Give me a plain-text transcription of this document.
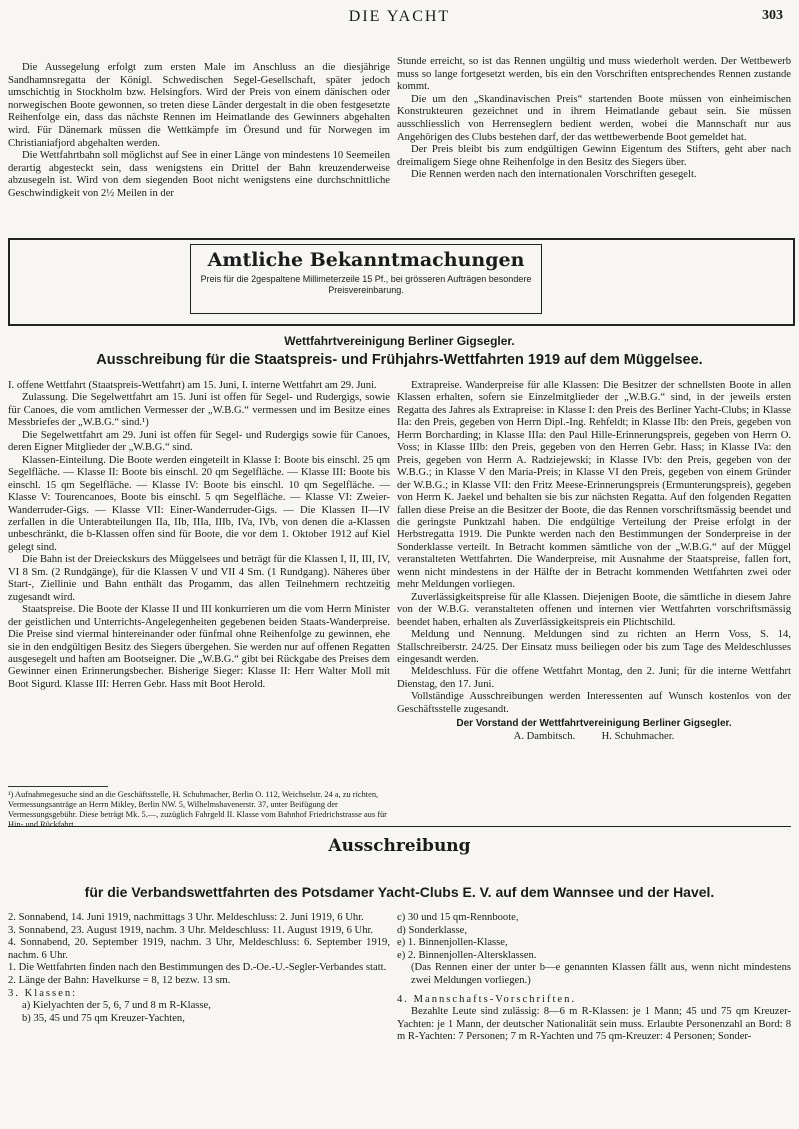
DIE YACHT	303

Die Aussegelung erfolgt zum ersten Male im Anschluss an die diesjährige Sandhamnsregatta der Königl. Schwedischen Segel-Gesellschaft, später jedoch umschichtig in Stockholm bzw. Helsingfors. Wird der Preis von einem dänischen oder norwegischen Boote gewonnen, so treten diese Länder dergestalt in die oben festgesetzte Reihenfolge ein, dass das nächste Rennen im Heimatlande des Gewinners abgehalten wird. Für Dänemark müssen die Wettkämpfe im Öresund und für Norwegen im Christianiafjord abgehalten werden.

Die Wettfahrtbahn soll möglichst auf See in einer Länge von mindestens 10 Seemeilen derartig abgesteckt sein, dass wenigstens ein Drittel der Bahn kreuzenderweise abzusegeln ist. Wird von dem siegenden Boot nicht wenigstens eine durchschnittliche Geschwindigkeit von 2½ Meilen in der

Stunde erreicht, so ist das Rennen ungültig und muss wiederholt werden. Der Wettbewerb muss so lange fortgesetzt werden, bis ein den Vorschriften entsprechendes Rennen zustande kommt.

Die um den „Skandinavischen Preis“ startenden Boote müssen von einheimischen Konstrukteuren gezeichnet und in ihrem Heimatlande gebaut sein. Sie müssen ausschliesslich von Herrenseglern bedient werden, wobei die Mannschaft nur aus Angehörigen des Clubs bestehen darf, der das wettbewerbende Boot gemeldet hat.

Der Preis bleibt bis zum endgültigen Gewinn Eigentum des Stifters, geht aber nach dreimaligem Siege ohne Reihenfolge in den Besitz des Siegers über.

Die Rennen werden nach den internationalen Vorschriften gesegelt.

Amtliche Bekanntmachungen
Preis für die 2gespaltene Millimeterzeile 15 Pf., bei grösseren Aufträgen besondere Preisvereinbarung.
Wettfahrtvereinigung Berliner Gigsegler.
Ausschreibung für die Staatspreis- und Frühjahrs-Wettfahrten 1919 auf dem Müggelsee.

I. offene Wettfahrt (Staatspreis-Wettfahrt) am 15. Juni, I. interne Wettfahrt am 29. Juni.

Zulassung. Die Segelwettfahrt am 15. Juni ist offen für Segel- und Rudergigs, sowie für Canoes, die vom amtlichen Vermesser der „W.B.G.“ vermessen und im Besitze eines Messbriefes der „W.B.G.“ sind.¹)

Die Segelwettfahrt am 29. Juni ist offen für Segel- und Rudergigs sowie für Canoes, deren Eigner Mitglieder der „W.B.G.“ sind.

Klassen-Einteilung. Die Boote werden eingeteilt in Klasse I: Boote bis einschl. 25 qm Segelfläche. — Klasse II: Boote bis einschl. 20 qm Segelfläche. — Klasse III: Boote bis einschl. 15 qm Segelfläche. — Klasse IV: Boote bis einschl. 10 qm Segelfläche. — Klasse V: Tourencanoes, Boote bis einschl. 5 qm Segelfläche. — Klasse VI: Zweier-Wanderruder-Gigs. — Klasse VII: Einer-Wanderruder-Gigs. — Die Klassen II—IV zerfallen in die Unterabteilungen IIa, IIb, IIIa, IIIb, IVa, IVb, von denen die a-Klassen unbeschränkt, die b-Klassen offen sind für Boote, die vor dem 1. Oktober 1912 auf Kiel gelegt sind.

Die Bahn ist der Dreieckskurs des Müggelsees und beträgt für die Klassen I, II, III, IV, VI 8 Sm. (2 Rundgänge), für die Klassen V und VII 4 Sm. (1 Rundgang). Näheres über Start-, Ziellinie und Bahn enthält das Progamm, das allen Teilnehmern rechtzeitig zugesandt wird.

Staatspreise. Die Boote der Klasse II und III konkurrieren um die vom Herrn Minister der geistlichen und Unterrichts-Angelegenheiten gegebenen beiden Staats-Wanderpreise. Die Preise sind viermal hintereinander oder fünfmal ohne Reihenfolge zu gewinnen, ehe sie in den endgültigen Besitz des Siegers übergehen. Sie werden nur auf offenen Regatten ausgesegelt und haften am Bootseigner. Die „W.B.G.“ gibt bei Rückgabe des Preises dem Gewinner einen Erinnerungsbecher. Bisherige Sieger: Klasse II: Herr Walter Moll mit Boot Sigurd. Klasse III: Herren Gebr. Hass mit Boot Herold.

¹) Aufnahmegesuche sind an die Geschäftsstelle, H. Schuhmacher, Berlin O. 112, Weichselstr. 24 a, zu richten, Vermessungsanträge an Herrn Mikley, Berlin NW. 5, Wilhelmshavenerstr. 37, unter Beifügung der Vermessungsgebühr. Diese beträgt Mk. 5.—, zuzüglich Fahrgeld II. Klasse vom Bahnhof Friedrichstrasse aus für Hin- und Rückfahrt.

Extrapreise. Wanderpreise für alle Klassen: Die Besitzer der schnellsten Boote in allen Klassen erhalten, sofern sie Einzelmitglieder der „W.B.G.“ sind, in der jeweils ersten Regatta des Jahres als Extrapreise: in Klasse I: den Preis des Berliner Yacht-Clubs; in Klasse IIa: den Preis, gegeben von Herrn Dipl.-Ing. Rehfeldt; in Klasse IIb: den Preis, gegeben von Herrn Borcharding; in Klasse IIIa: den Paul Hille-Erinnerungspreis, gegeben von Herrn O. Voss; in Klasse IIIb: den Preis, gegeben von den Herren Gebr. Hass; in Klasse IVa: den Preis, gegeben von Herrn A. Radziejewski; in Klasse IVb: den Preis, gegeben von der W.B.G.; in Klasse V den Maria-Preis; in Klasse VI den Preis, gegeben von einem Gründer der W.B.G.; in Klasse VII: den Fritz Meese-Erinnerungspreis (Ermunterungspreis), gegeben von Herrn K. Jaekel und behalten sie bis zur nächsten Regatta. Auf den folgenden Regatten fallen diese Preise an die Besitzer der Boote, die das Rennen vorschriftsmässig beendet und die geringste Punktzahl haben. Die endgültige Verteilung der Preise erfolgt in der Herbstregatta 1919. Die Punkte werden nach den Bestimmungen der Sonderpreise in der Sonderklasse verteilt. In Betracht kommen sämtliche von der „W.B.G.“ auf der Müggel veranstalteten Wettfahrten. Die Wanderpreise, mit Ausnahme der Staatspreise, fallen fort, wenn nicht mindestens in der Hälfte der in Betracht kommenden Wettfahrten zwei oder mehr Meldungen vorliegen.

Zuverlässigkeitspreise für alle Klassen. Diejenigen Boote, die sämtliche in diesem Jahre von der W.B.G. veranstalteten offenen und internen vier Wettfahrten vorschriftsmässig beendet haben, erhalten als Zuverlässigkeitspreis ein Plichtschild.

Meldung und Nennung. Meldungen sind zu richten an Herrn Voss, S. 14, Stallschreiberstr. 24/25. Der Einsatz muss beiliegen oder bis zum Tage des Meldeschlusses eingesandt werden.

Meldeschluss. Für die offene Wettfahrt Montag, den 2. Juni; für die interne Wettfahrt Dienstag, den 17. Juni.

Vollständige Ausschreibungen werden Interessenten auf Wunsch kostenlos von der Geschäftsstelle zugesandt.

Der Vorstand der Wettfahrtvereinigung Berliner Gigsegler.

A. Dambitsch.          H. Schuhmacher.

Ausschreibung
für die Verbandswettfahrten des Potsdamer Yacht-Clubs E. V. auf dem Wannsee und der Havel.

2. Sonnabend, 14. Juni 1919, nachmittags 3 Uhr. Meldeschluss: 2. Juni 1919, 6 Uhr.

3. Sonnabend, 23. August 1919, nachm. 3 Uhr. Meldeschluss: 11. August 1919, 6 Uhr.

4. Sonnabend, 20. September 1919, nachm. 3 Uhr, Meldeschluss: 6. September 1919, nachm. 6 Uhr.

1. Die Wettfahrten finden nach den Bestimmungen des D.-Oe.-U.-Segler-Verbandes statt.

2. Länge der Bahn: Havelkurse = 8, 12 bezw. 13 sm.

3. Klassen:

a) Kielyachten der 5, 6, 7 und 8 m R-Klasse,

b) 35, 45 und 75 qm Kreuzer-Yachten,

c) 30 und 15 qm-Rennboote,

d) Sonderklasse,

e) 1. Binnenjollen-Klasse,

e) 2. Binnenjollen-Altersklassen.

(Das Rennen einer der unter b—e genannten Klassen fällt aus, wenn nicht mindestens zwei Meldungen vorliegen.)

4. Mannschafts-Vorschriften.

Bezahlte Leute sind zulässig: 8—6 m R-Klassen: je 1 Mann; 45 und 75 qm Kreuzer-Yachten: je 1 Mann, der deutscher Nationalität sein muss. Erlaubte Personenzahl an Bord: 8 m R-Yachten: 7 Personen; 7 m R-Yachten und 75 qm-Kreuzer: 4 Personen; Sonder-
